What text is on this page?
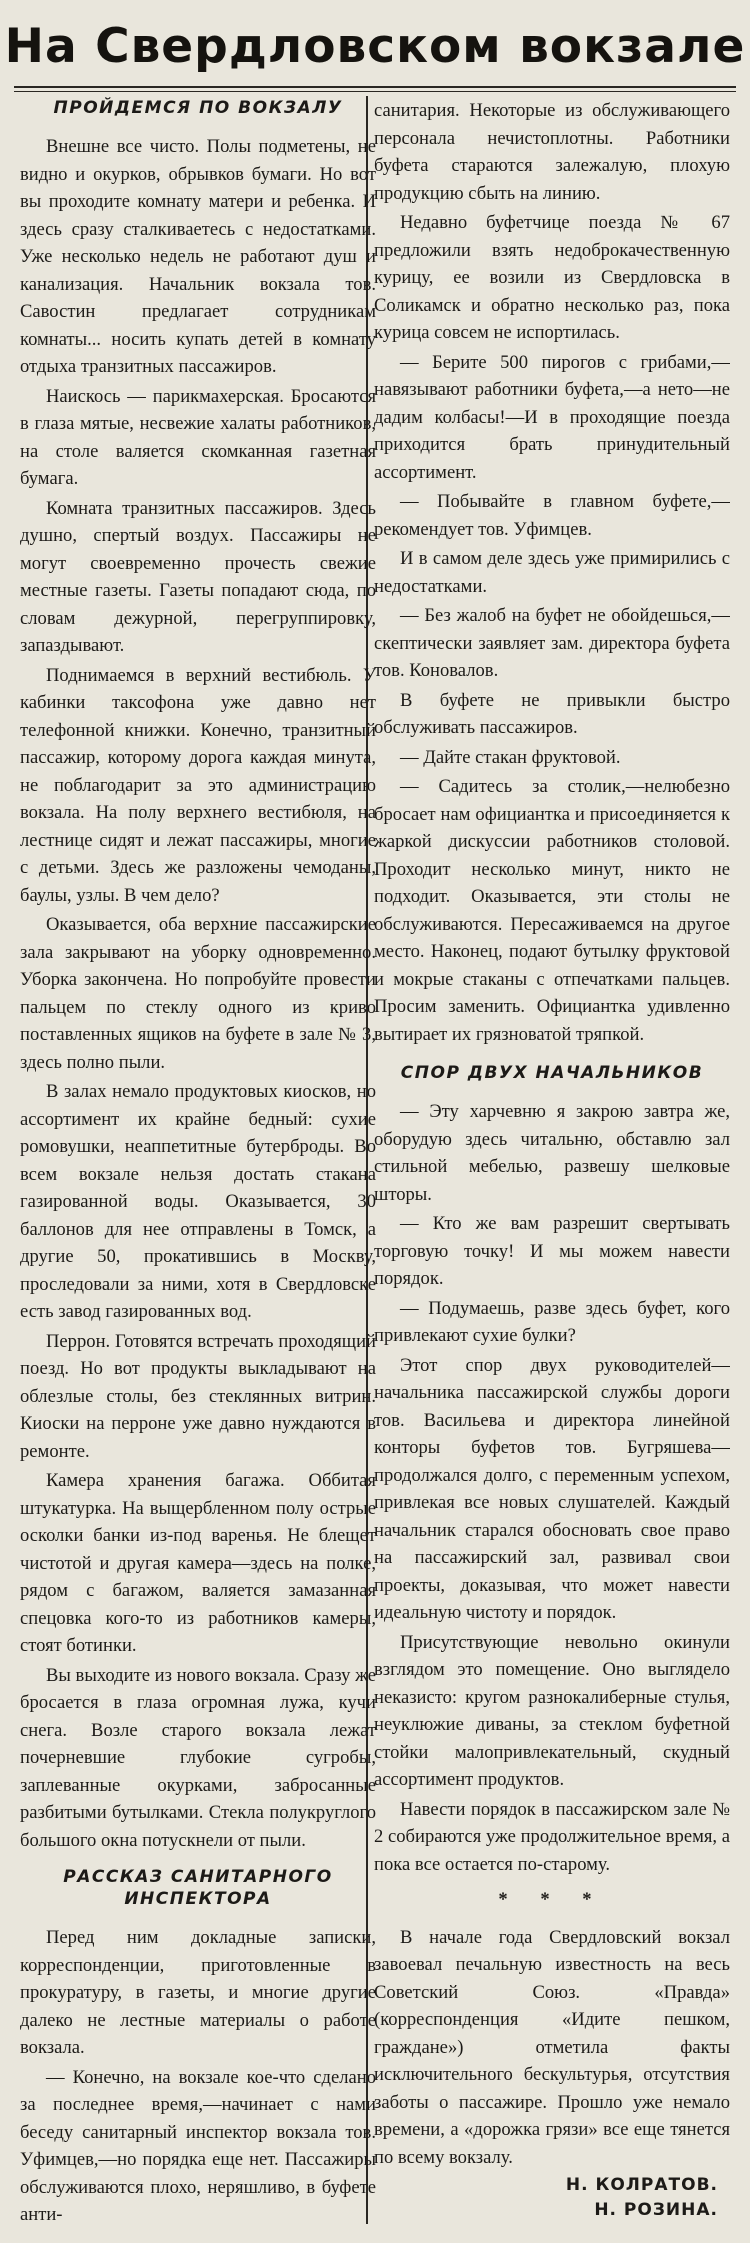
На Свердловском вокзале
ПРОЙДЕМСЯ ПО ВОКЗАЛУ

Внешне все чисто. Полы подметены, не видно и окурков, обрывков бумаги. Но вот вы проходите комнату матери и ребенка. И здесь сразу сталкиваетесь с недостатками. Уже несколько недель не работают душ и канализация. Начальник вокзала тов. Савостин предлагает сотрудникам комнаты... носить купать детей в комнату отдыха транзитных пассажиров.

Наискось — парикмахерская. Бросаются в глаза мятые, несвежие халаты работников, на столе валяется скомканная газетная бумага.

Комната транзитных пассажиров. Здесь душно, спертый воздух. Пассажиры не могут своевременно прочесть свежие местные газеты. Газеты попадают сюда, по словам дежурной, перегруппировку, запаздывают.

Поднимаемся в верхний вестибюль. У кабинки таксофона уже давно нет телефонной книжки. Конечно, транзитный пассажир, которому дорога каждая минута, не поблагодарит за это администрацию вокзала. На полу верхнего вестибюля, на лестнице сидят и лежат пассажиры, многие с детьми. Здесь же разложены чемоданы, баулы, узлы. В чем дело?

Оказывается, оба верхние пассажирские зала закрывают на уборку одновременно. Уборка закончена. Но попробуйте провести пальцем по стеклу одного из криво поставленных ящиков на буфете в зале № 3, здесь полно пыли.

В залах немало продуктовых киосков, но ассортимент их крайне бедный: сухие ромовушки, неаппетитные бутерброды. Во всем вокзале нельзя достать стакана газированной воды. Оказывается, 30 баллонов для нее отправлены в Томск, а другие 50, прокатившись в Москву, проследовали за ними, хотя в Свердловске есть завод газированных вод.

Перрон. Готовятся встречать проходящий поезд. Но вот продукты выкладывают на облезлые столы, без стеклянных витрин. Киоски на перроне уже давно нуждаются в ремонте.

Камера хранения багажа. Оббитая штукатурка. На выщербленном полу острые осколки банки из-под варенья. Не блещет чистотой и другая камера—здесь на полке, рядом с багажом, валяется замазанная спецовка кого-то из работников камеры, стоят ботинки.

Вы выходите из нового вокзала. Сразу же бросается в глаза огромная лужа, кучи снега. Возле старого вокзала лежат почерневшие глубокие сугробы, заплеванные окурками, забросанные разбитыми бутылками. Стекла полукруглого большого окна потускнели от пыли.

РАССКАЗ САНИТАРНОГО ИНСПЕКТОРА

Перед ним докладные записки, корреспонденции, приготовленные в прокуратуру, в газеты, и многие другие далеко не лестные материалы о работе вокзала.

— Конечно, на вокзале кое-что сделано за последнее время,—начинает с нами беседу санитарный инспектор вокзала тов. Уфимцев,—но порядка еще нет. Пассажиры обслуживаются плохо, неряшливо, в буфете анти-

санитария. Некоторые из обслуживающего персонала нечистоплотны. Работники буфета стараются залежалую, плохую продукцию сбыть на линию.

Недавно буфетчице поезда № 67 предложили взять недоброкачественную курицу, ее возили из Свердловска в Соликамск и обратно несколько раз, пока курица совсем не испортилась.

— Берите 500 пирогов с грибами,—навязывают работники буфета,—а нето—не дадим колбасы!—И в проходящие поезда приходится брать принудительный ассортимент.

— Побывайте в главном буфете,—рекомендует тов. Уфимцев.

И в самом деле здесь уже примирились с недостатками.

— Без жалоб на буфет не обойдешься,—скептически заявляет зам. директора буфета тов. Коновалов.

В буфете не привыкли быстро обслуживать пассажиров.

— Дайте стакан фруктовой.

— Садитесь за столик,—нелюбезно бросает нам официантка и присоединяется к жаркой дискуссии работников столовой. Проходит несколько минут, никто не подходит. Оказывается, эти столы не обслуживаются. Пересаживаемся на другое место. Наконец, подают бутылку фруктовой и мокрые стаканы с отпечатками пальцев. Просим заменить. Официантка удивленно вытирает их грязноватой тряпкой.

СПОР ДВУХ НАЧАЛЬНИКОВ

— Эту харчевню я закрою завтра же, оборудую здесь читальню, обставлю зал стильной мебелью, развешу шелковые шторы.

— Кто же вам разрешит свертывать торговую точку! И мы можем навести порядок.

— Подумаешь, разве здесь буфет, кого привлекают сухие булки?

Этот спор двух руководителей—начальника пассажирской службы дороги тов. Васильева и директора линейной конторы буфетов тов. Бугряшева—продолжался долго, с переменным успехом, привлекая все новых слушателей. Каждый начальник старался обосновать свое право на пассажирский зал, развивал свои проекты, доказывая, что может навести идеальную чистоту и порядок.

Присутствующие невольно окинули взглядом это помещение. Оно выглядело неказисто: кругом разнокалиберные стулья, неуклюжие диваны, за стеклом буфетной стойки малопривлекательный, скудный ассортимент продуктов.

Навести порядок в пассажирском зале № 2 собираются уже продолжительное время, а пока все остается по-старому.

* * *

В начале года Свердловский вокзал завоевал печальную известность на весь Советский Союз. «Правда» (корреспонденция «Идите пешком, граждане») отметила факты исключительного бескультурья, отсутствия заботы о пассажире. Прошло уже немало времени, а «дорожка грязи» все еще тянется по всему вокзалу.

Н. КОЛРАТОВ.
Н. РОЗИНА.
